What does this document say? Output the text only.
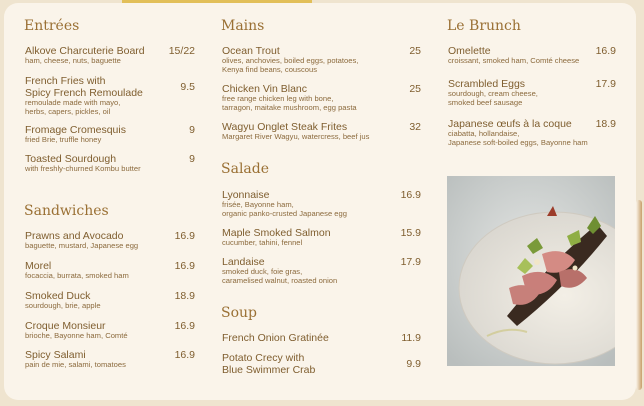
Entrées
Alkove Charcuterie Board
ham, cheese, nuts, baguette
15/22
French Fries with
Spicy French Remoulade
remoulade made with mayo,
herbs, capers, pickles, oil
9.5
Fromage Cromesquis
fried Brie, truffle honey
9
Toasted Sourdough
with freshly-churned Kombu butter
9
Sandwiches
Prawns and Avocado
baguette, mustard, Japanese egg
16.9
Morel
focaccia, burrata, smoked ham
16.9
Smoked Duck
sourdough, brie, apple
18.9
Croque Monsieur
brioche, Bayonne ham, Comté
16.9
Spicy Salami
pain de mie, salami, tomatoes
16.9
Mains
Ocean Trout
olives, anchovies, boiled eggs, potatoes,
Kenya find beans, couscous
25
Chicken Vin Blanc
free range chicken leg with bone,
tarragon, maitake mushroom, egg pasta
25
Wagyu Onglet Steak Frites
Margaret River Wagyu, watercress, beef jus
32
Salade
Lyonnaise
frisée, Bayonne ham,
organic panko-crusted Japanese egg
16.9
Maple Smoked Salmon
cucumber, tahini, fennel
15.9
Landaise
smoked duck, foie gras,
caramelised walnut, roasted onion
17.9
Soup
French Onion Gratinée	11.9
Potato Crecy with
Blue Swimmer Crab	9.9
Le Brunch
Omelette
croissant, smoked ham, Comté cheese
16.9
Scrambled Eggs
sourdough, cream cheese,
smoked beef sausage
17.9
Japanese œufs à la coque
ciabatta, hollandaise,
Japanese soft-boiled eggs, Bayonne ham
18.9
